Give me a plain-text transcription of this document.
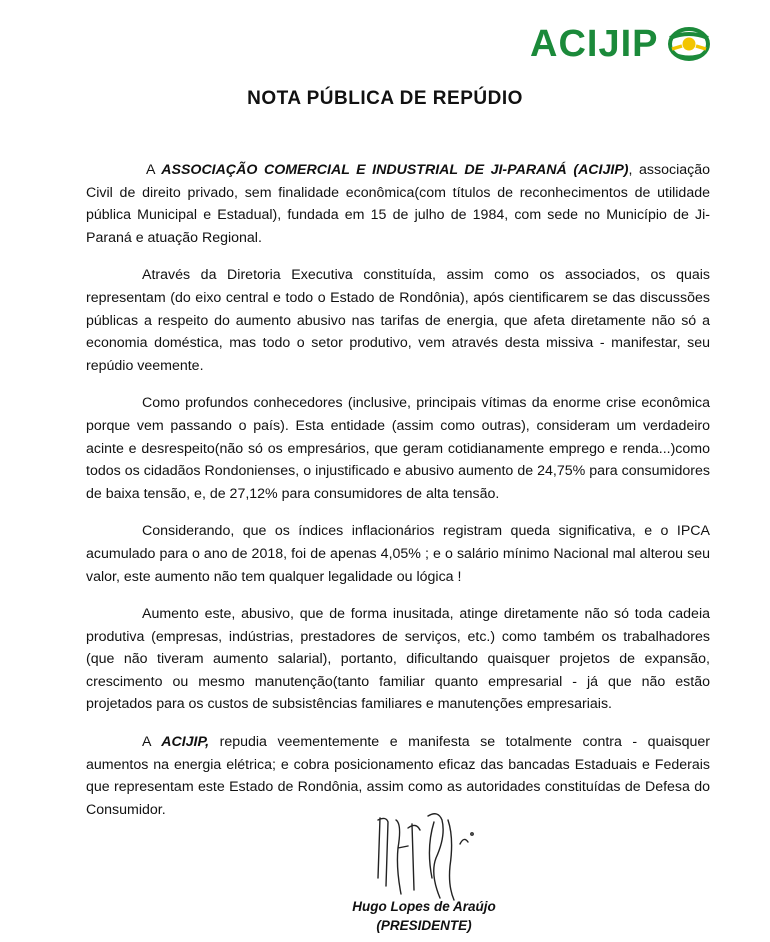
ACIJIP
NOTA PÚBLICA DE REPÚDIO

A ASSOCIAÇÃO COMERCIAL E INDUSTRIAL DE JI-PARANÁ (ACIJIP), associação Civil de direito privado, sem finalidade econômica(com títulos de reconhecimentos de utilidade pública Municipal e Estadual), fundada em 15 de julho de 1984, com sede no Município de Ji-Paraná e atuação Regional.

Através da Diretoria Executiva constituída, assim como os associados, os quais representam (do eixo central e todo o Estado de Rondônia), após cientificarem se das discussões públicas a respeito do aumento abusivo nas tarifas de energia, que afeta diretamente não só a economia doméstica, mas todo o setor produtivo, vem através desta missiva - manifestar, seu repúdio veemente.

Como profundos conhecedores (inclusive, principais vítimas da enorme crise econômica porque vem passando o país). Esta entidade (assim como outras), consideram um verdadeiro acinte e desrespeito(não só os empresários, que geram cotidianamente emprego e renda...)como todos os cidadãos Rondonienses, o injustificado e abusivo aumento de 24,75% para consumidores de baixa tensão, e, de 27,12% para consumidores de alta tensão.

Considerando, que os índices inflacionários registram queda significativa, e o IPCA acumulado para o ano de 2018, foi de apenas 4,05% ; e o salário mínimo Nacional mal alterou seu valor, este aumento não tem qualquer legalidade ou lógica !

Aumento este, abusivo, que de forma inusitada, atinge diretamente não só toda cadeia produtiva (empresas, indústrias, prestadores de serviços, etc.) como também os trabalhadores (que não tiveram aumento salarial), portanto, dificultando quaisquer projetos de expansão, crescimento ou mesmo manutenção(tanto familiar quanto empresarial - já que não estão projetados para os custos de subsistências familiares e manutenções empresariais.

A ACIJIP, repudia veementemente e manifesta se totalmente contra - quaisquer aumentos na energia elétrica; e cobra posicionamento eficaz das bancadas Estaduais e Federais que representam este Estado de Rondônia, assim como as autoridades constituídas de Defesa do Consumidor.

Hugo Lopes de Araújo
(PRESIDENTE)
